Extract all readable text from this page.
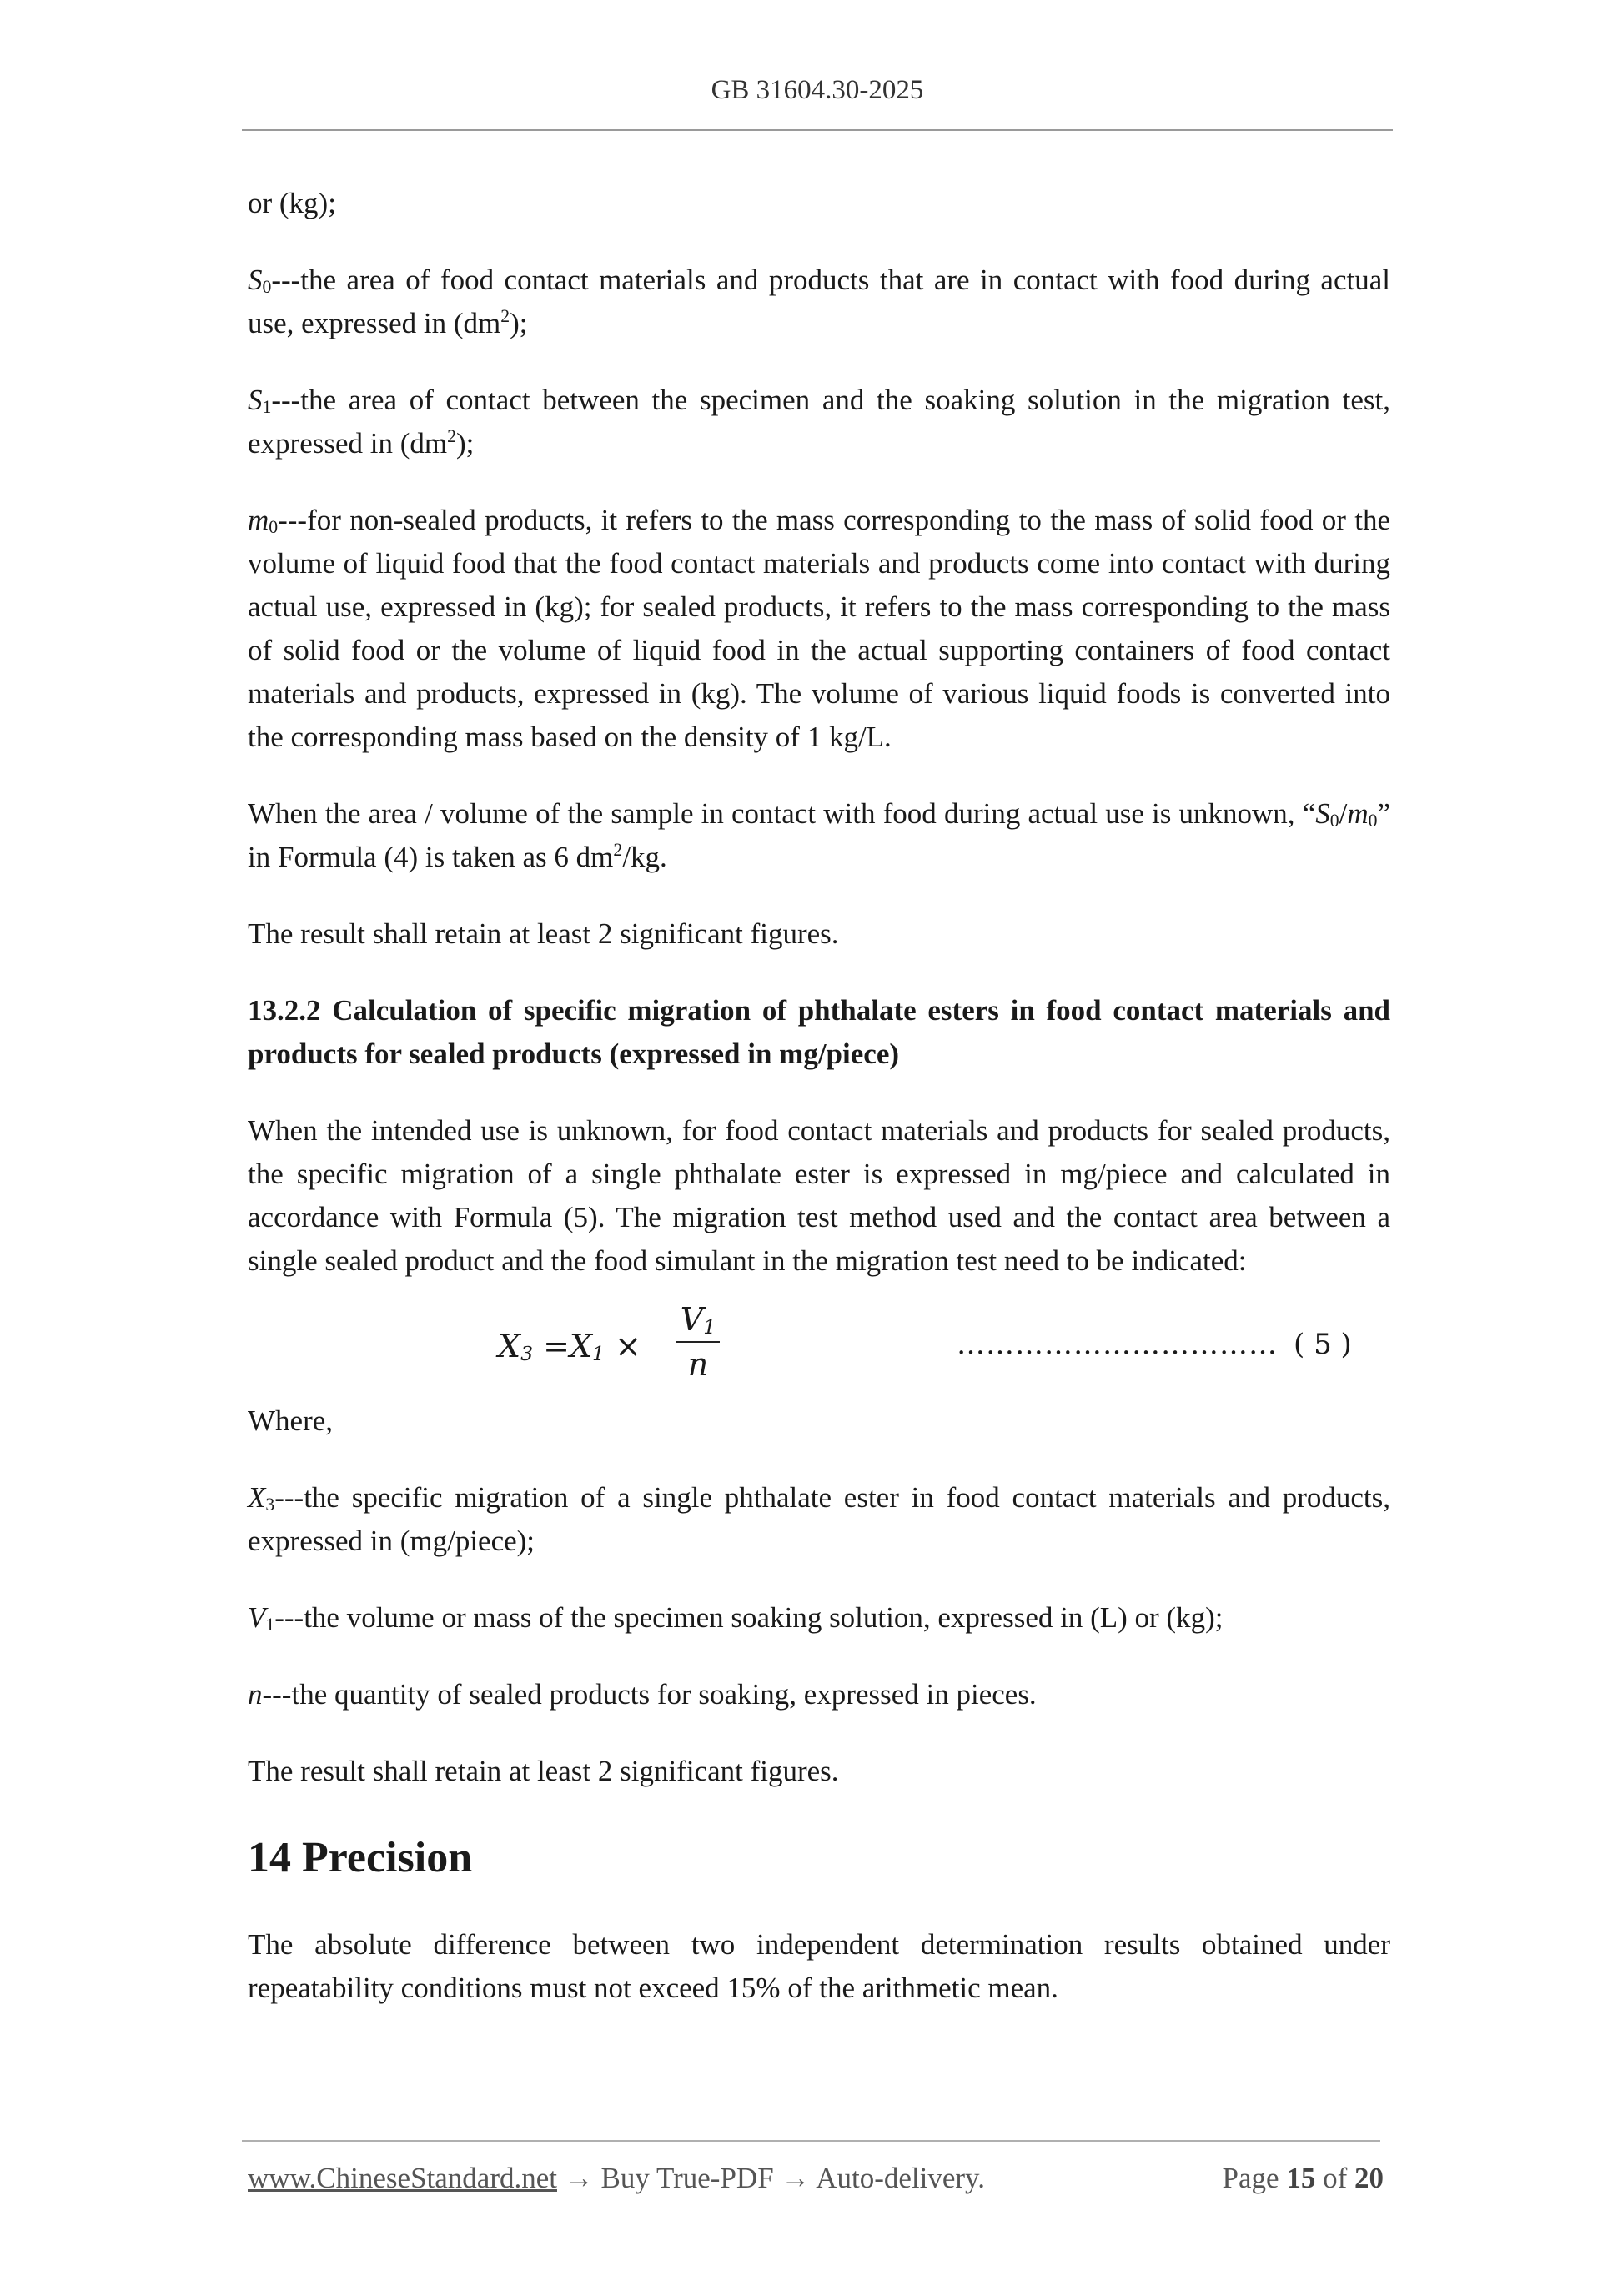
GB 31604.30-2025

or (kg);

S0---the area of food contact materials and products that are in contact with food during actual use, expressed in $(dm^2)$;

S1---the area of contact between the specimen and the soaking solution in the migration test, expressed in $(dm^2)$;

m0---for non-sealed products, it refers to the mass corresponding to the mass of solid food or the volume of liquid food that the food contact materials and products come into contact with during actual use, expressed in (kg); for sealed products, it refers to the mass corresponding to the mass of solid food or the volume of liquid food in the actual supporting containers of food contact materials and products, expressed in (kg). The volume of various liquid foods is converted into the corresponding mass based on the density of 1 kg/L.

When the area / volume of the sample in contact with food during actual use is unknown, “S0/m0” in Formula (4) is taken as 6 $dm^2/kg$.

The result shall retain at least 2 significant figures.

13.2.2 Calculation of specific migration of phthalate esters in food contact materials and products for sealed products (expressed in mg/piece)

When the intended use is unknown, for food contact materials and products for sealed products, the specific migration of a single phthalate ester is expressed in mg/piece and calculated in accordance with Formula (5). The migration test method used and the contact area between a single sealed product and the food simulant in the migration test need to be indicated:

X3 =X1 ×
V1
n
…………………………… ( 5 )

Where,

X3---the specific migration of a single phthalate ester in food contact materials and products, expressed in (mg/piece);

V1---the volume or mass of the specimen soaking solution, expressed in (L) or (kg);

n---the quantity of sealed products for soaking, expressed in pieces.

The result shall retain at least 2 significant figures.

14 Precision

The absolute difference between two independent determination results obtained under repeatability conditions must not exceed 15% of the arithmetic mean.

www.ChineseStandard.net → Buy True-PDF → Auto-delivery.	Page 15 of 20
